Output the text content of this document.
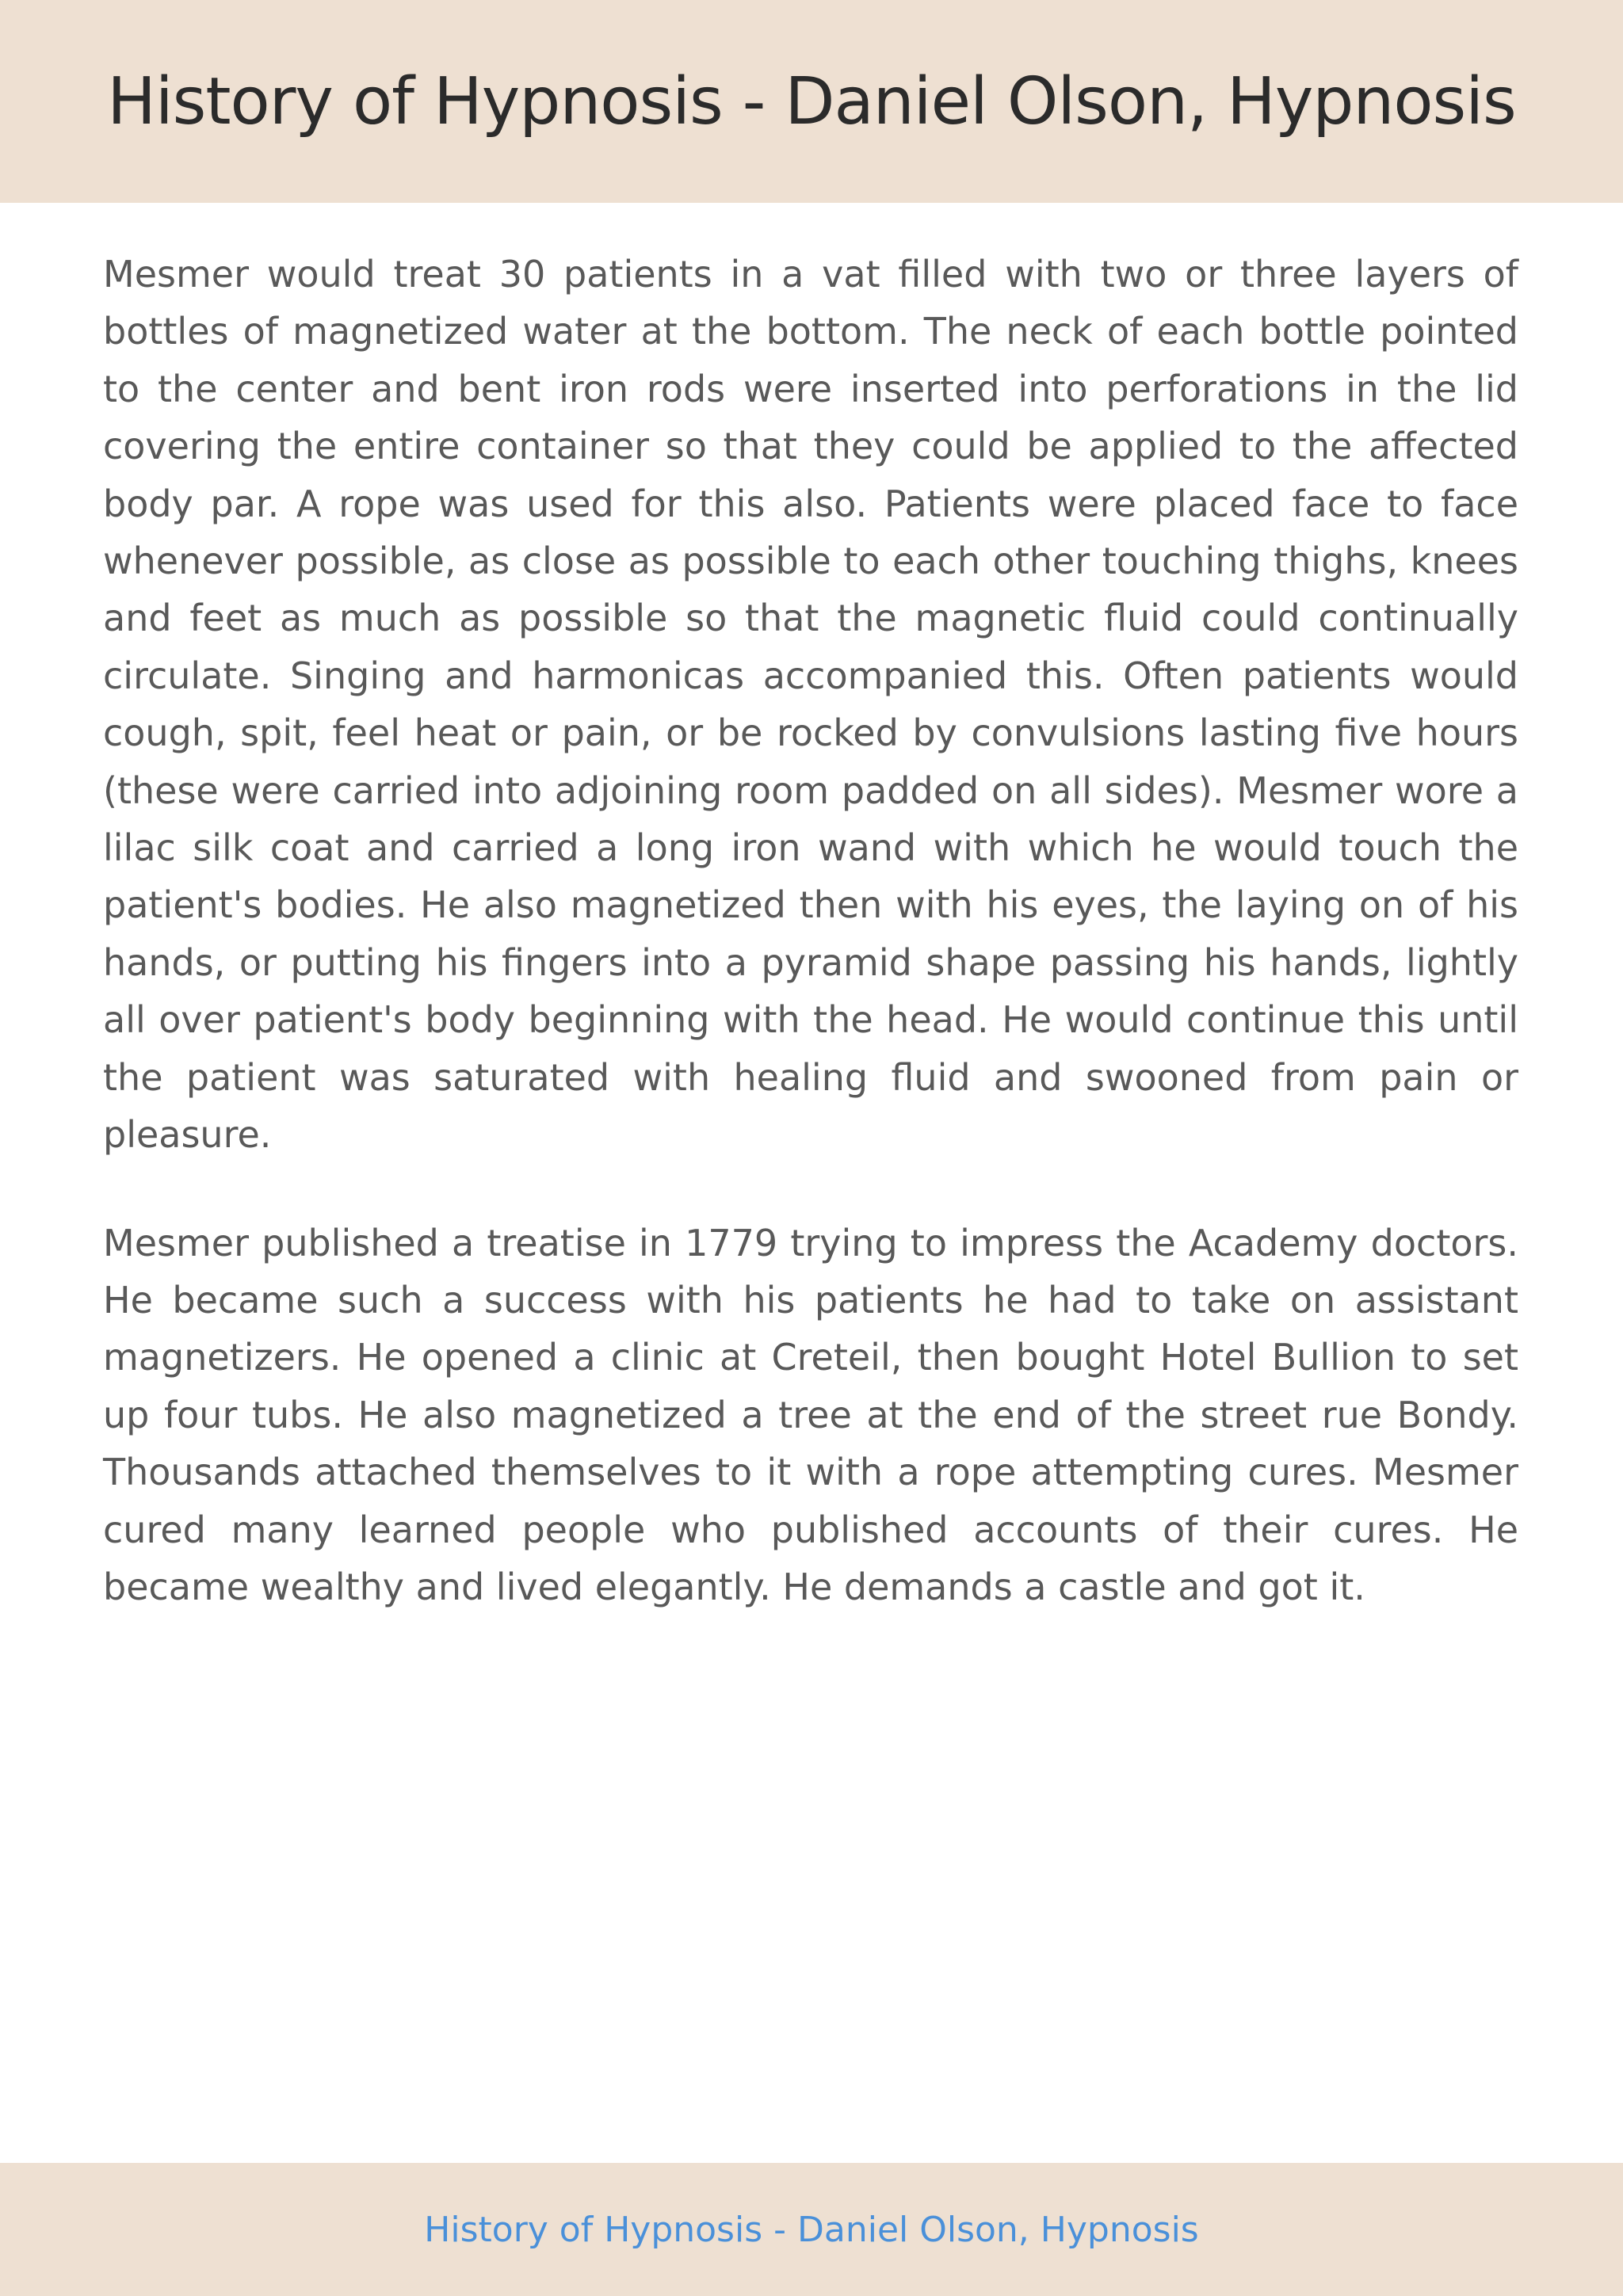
History of Hypnosis - Daniel Olson, Hypnosis

Mesmer would treat 30 patients in a vat filled with two or three layers of bottles of magnetized water at the bottom. The neck of each bottle pointed to the center and bent iron rods were inserted into perforations in the lid covering the entire container so that they could be applied to the affected body par. A rope was used for this also. Patients were placed face to face whenever possible, as close as possible to each other touching thighs, knees and feet as much as possible so that the magnetic fluid could continually circulate. Singing and harmonicas accompanied this. Often patients would cough, spit, feel heat or pain, or be rocked by convulsions lasting five hours (these were carried into adjoining room padded on all sides). Mesmer wore a lilac silk coat and carried a long iron wand with which he would touch the patient's bodies. He also magnetized then with his eyes, the laying on of his hands, or putting his fingers into a pyramid shape passing his hands, lightly all over patient's body beginning with the head. He would continue this until the patient was saturated with healing fluid and swooned from pain or pleasure.

Mesmer published a treatise in 1779 trying to impress the Academy doctors. He became such a success with his patients he had to take on assistant magnetizers. He opened a clinic at Creteil, then bought Hotel Bullion to set up four tubs. He also magnetized a tree at the end of the street rue Bondy. Thousands attached themselves to it with a rope attempting cures. Mesmer cured many learned people who published accounts of their cures. He became wealthy and lived elegantly. He demands a castle and got it.

History of Hypnosis - Daniel Olson, Hypnosis
